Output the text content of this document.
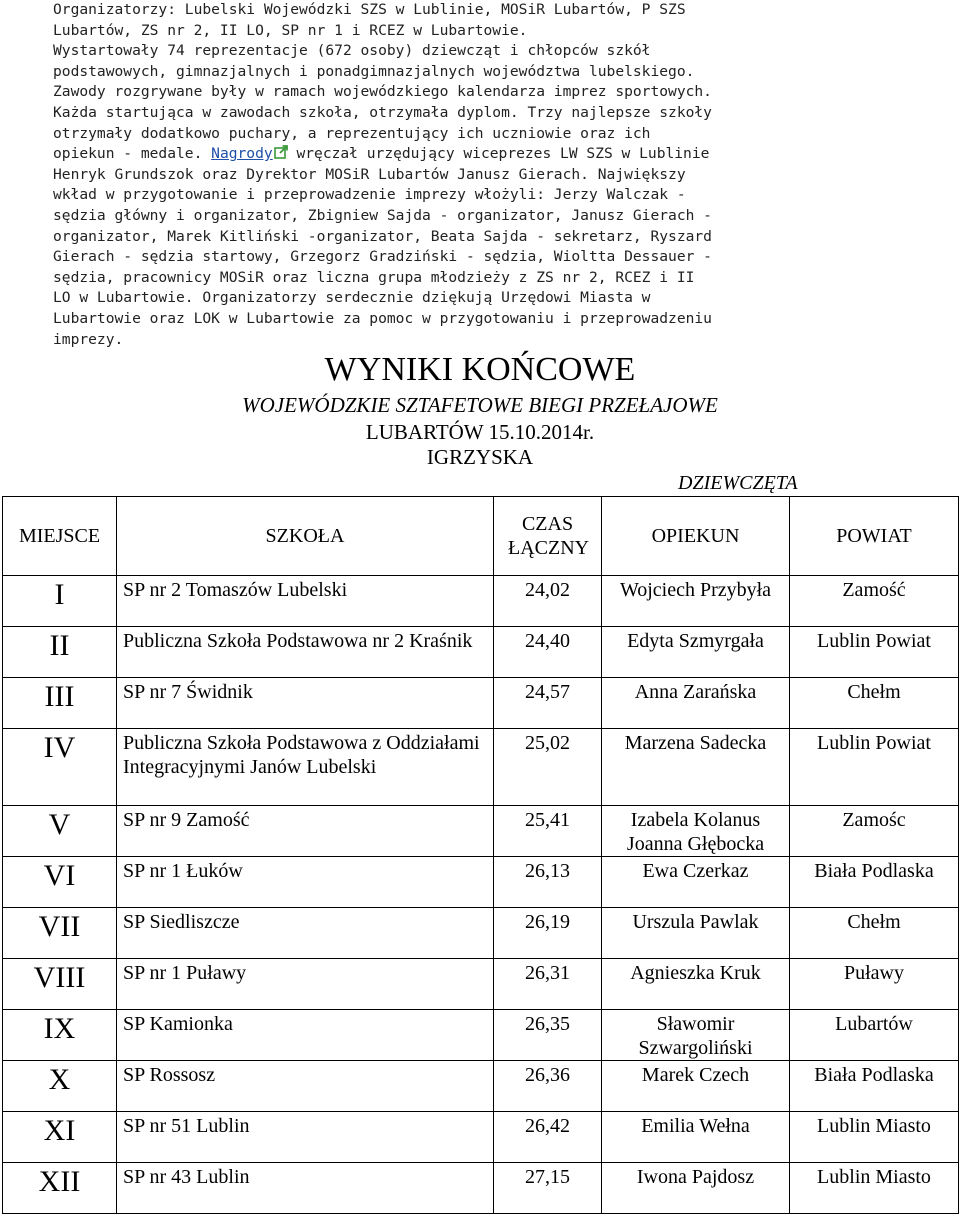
Organizatorzy: Lubelski Wojewódzki SZS w Lublinie, MOSiR Lubartów, P SZS
Lubartów, ZS nr 2, II LO, SP nr 1 i RCEZ w Lubartowie.
Wystartowały 74 reprezentacje (672 osoby) dziewcząt i chłopców szkół
podstawowych, gimnazjalnych i ponadgimnazjalnych województwa lubelskiego.
Zawody rozgrywane były w ramach wojewódzkiego kalendarza imprez sportowych.
Każda startująca w zawodach szkoła, otrzymała dyplom. Trzy najlepsze szkoły
otrzymały dodatkowo puchary, a reprezentujący ich uczniowie oraz ich
opiekun - medale. Nagrody wręczał urzędujący wiceprezes LW SZS w Lublinie
Henryk Grundszok oraz Dyrektor MOSiR Lubartów Janusz Gierach. Największy
wkład w przygotowanie i przeprowadzenie imprezy włożyli: Jerzy Walczak -
sędzia główny i organizator, Zbigniew Sajda - organizator, Janusz Gierach -
organizator, Marek Kitliński -organizator, Beata Sajda - sekretarz, Ryszard
Gierach - sędzia startowy, Grzegorz Gradziński - sędzia, Wioltta Dessauer -
sędzia, pracownicy MOSiR oraz liczna grupa młodzieży z ZS nr 2, RCEZ i II
LO w Lubartowie. Organizatorzy serdecznie dziękują Urzędowi Miasta w
Lubartowie oraz LOK w Lubartowie za pomoc w przygotowaniu i przeprowadzeniu
imprezy.
WYNIKI KOŃCOWE
WOJEWÓDZKIE SZTAFETOWE BIEGI PRZEŁAJOWE
LUBARTÓW 15.10.2014r.
IGRZYSKA
DZIEWCZĘTA
MIEJSCE	SZKOŁA	CZAS ŁĄCZNY	OPIEKUN	POWIAT
I	SP nr 2 Tomaszów Lubelski	24,02	Wojciech Przybyła	Zamość
II	Publiczna Szkoła Podstawowa nr 2 Kraśnik	24,40	Edyta Szmyrgała	Lublin Powiat
III	SP nr 7 Świdnik	24,57	Anna Zarańska	Chełm
IV	Publiczna Szkoła Podstawowa z Oddziałami Integracyjnymi Janów Lubelski	25,02	Marzena Sadecka	Lublin Powiat
V	SP nr 9 Zamość	25,41	Izabela Kolanus Joanna Głębocka	Zamośc
VI	SP nr 1 Łuków	26,13	Ewa Czerkaz	Biała Podlaska
VII	SP Siedliszcze	26,19	Urszula Pawlak	Chełm
VIII	SP nr 1 Puławy	26,31	Agnieszka Kruk	Puławy
IX	SP Kamionka	26,35	Sławomir Szwargoliński	Lubartów
X	SP Rossosz	26,36	Marek Czech	Biała Podlaska
XI	SP nr 51 Lublin	26,42	Emilia Wełna	Lublin Miasto
XII	SP nr 43 Lublin	27,15	Iwona Pajdosz	Lublin Miasto
